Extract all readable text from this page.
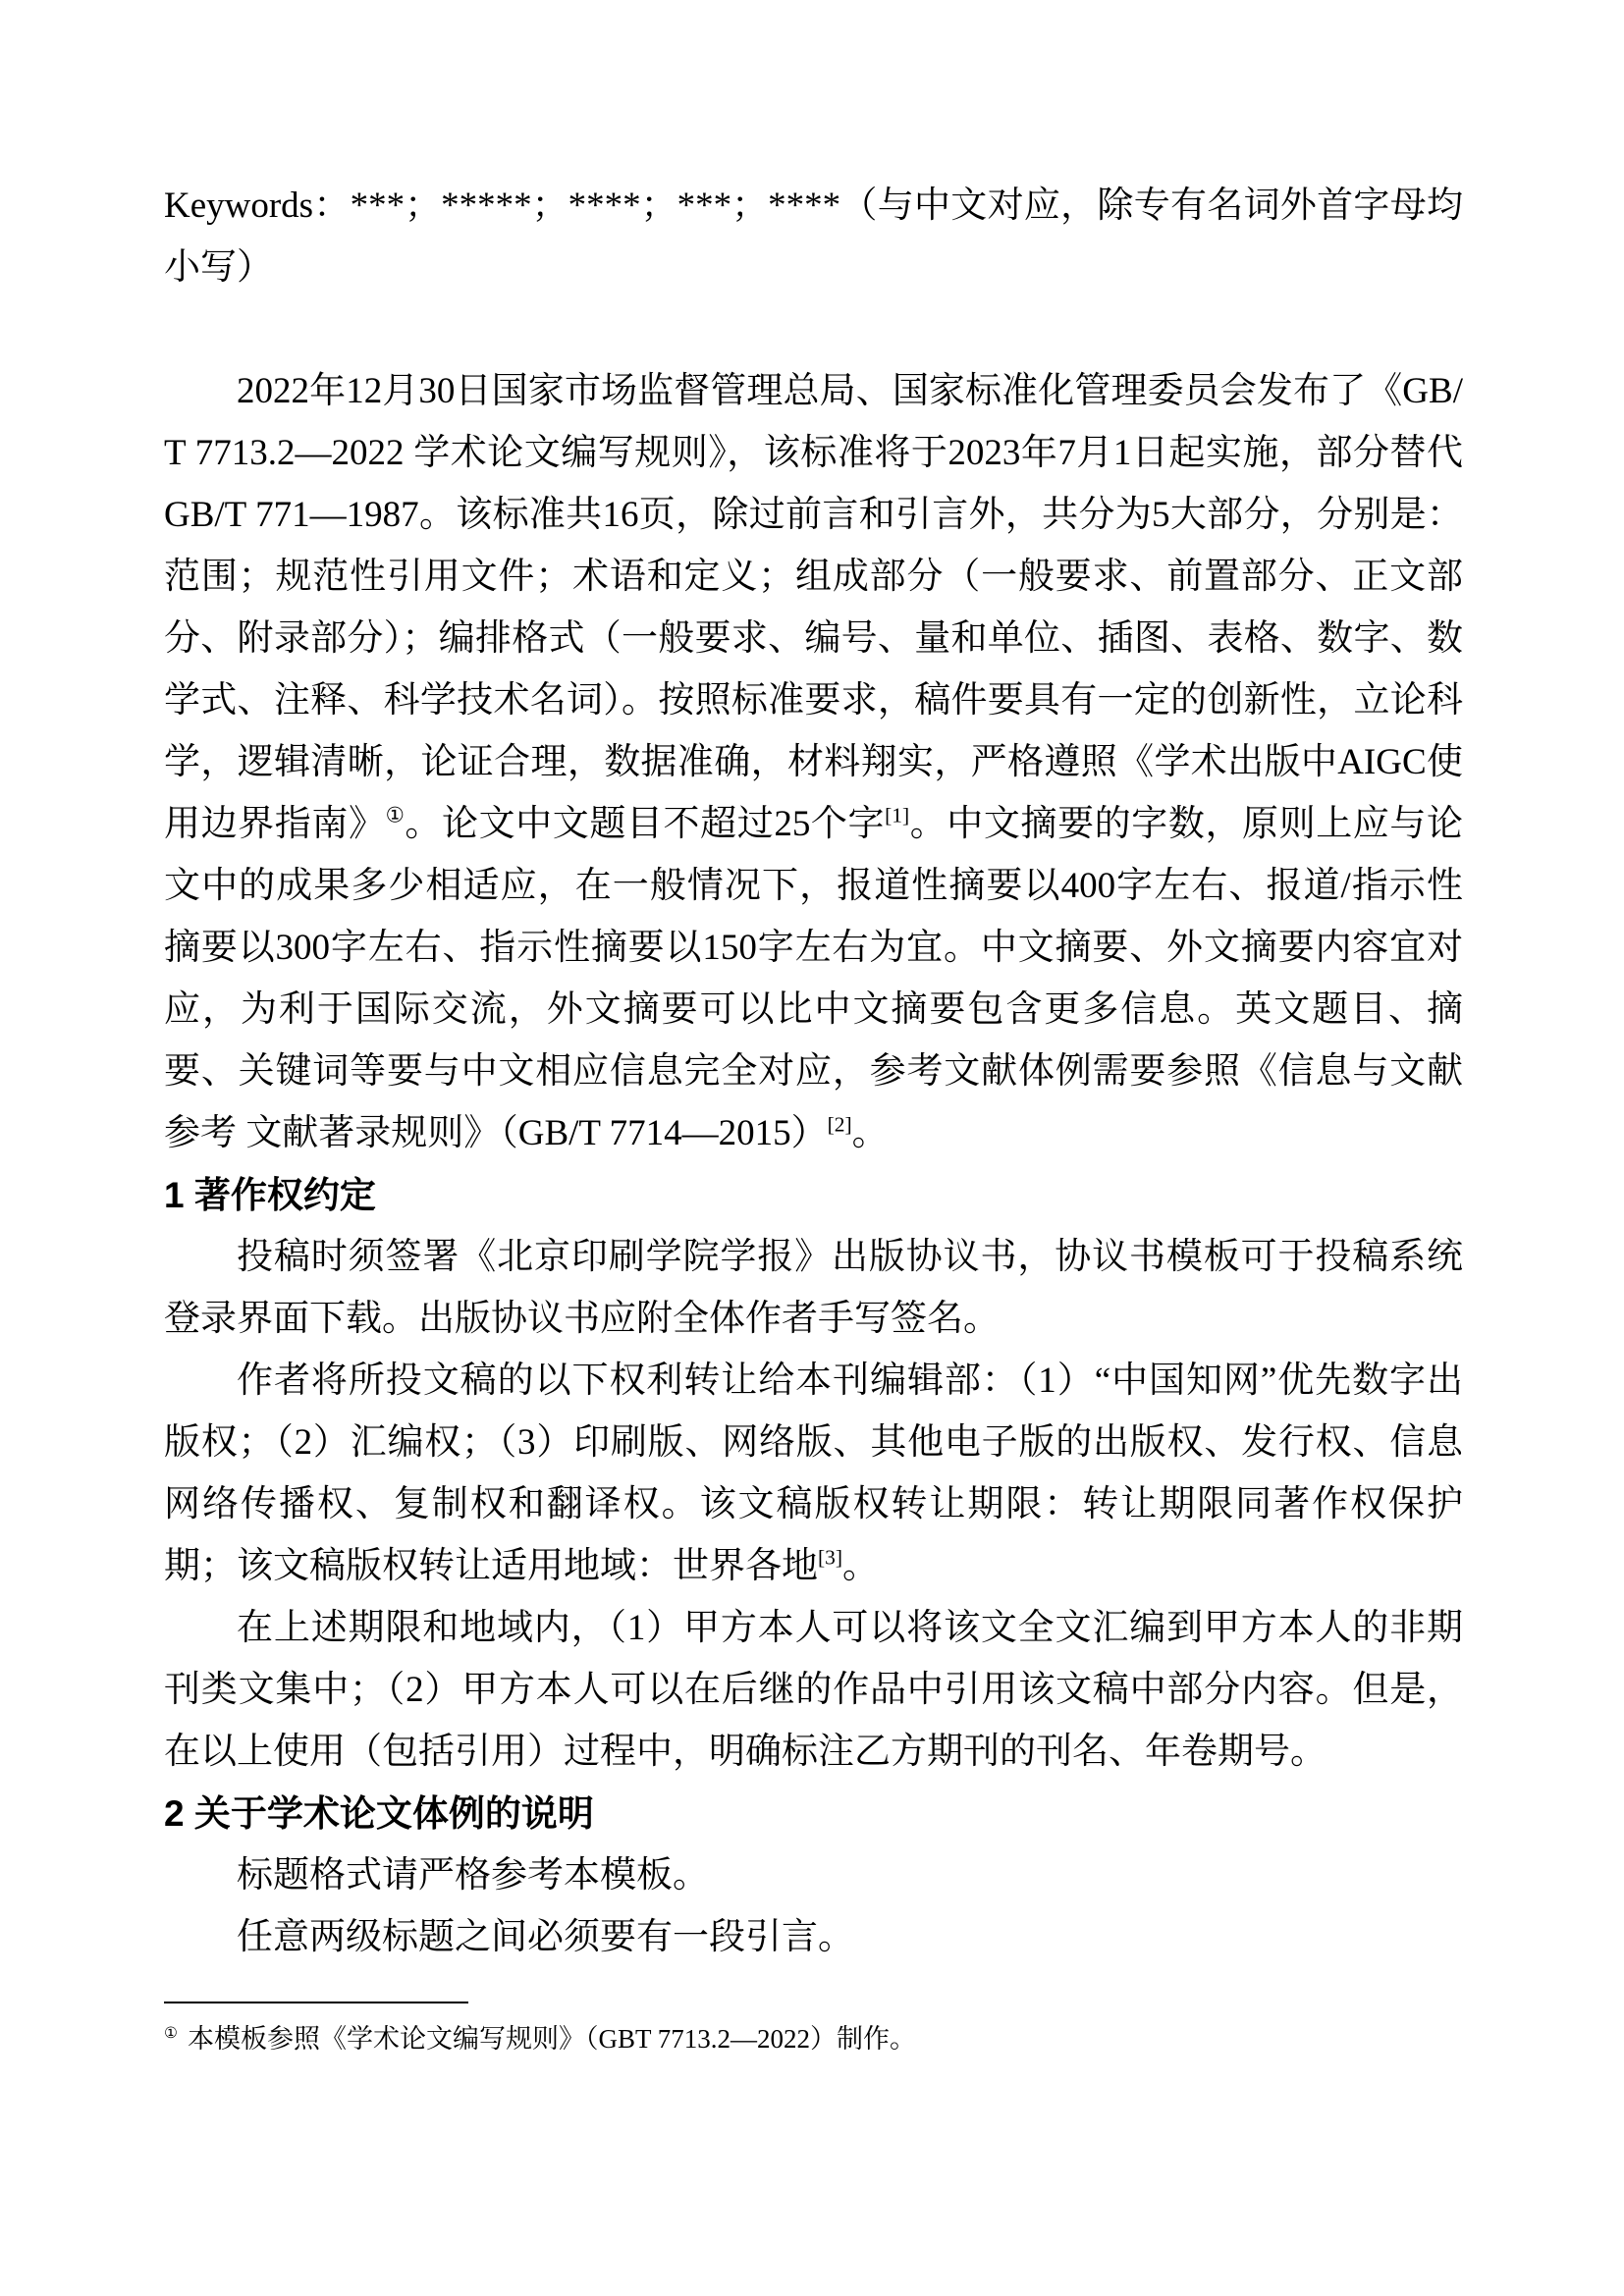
Keywords：***；*****；****；***；****（与中文对应，除专有名词外首字母均小写）

2022年12月30日国家市场监督管理总局、国家标准化管理委员会发布了《GB/T 7713.2—2022 学术论文编写规则》，该标准将于2023年7月1日起实施，部分替代GB/T 771—1987。该标准共16页，除过前言和引言外，共分为5大部分，分别是：范围；规范性引用文件；术语和定义；组成部分（一般要求、前置部分、正文部分、附录部分）；编排格式（一般要求、编号、量和单位、插图、表格、数字、数学式、注释、科学技术名词）。按照标准要求，稿件要具有一定的创新性，立论科学，逻辑清晰，论证合理，数据准确，材料翔实，严格遵照《学术出版中AIGC使用边界指南》①。论文中文题目不超过25个字[1]。中文摘要的字数，原则上应与论文中的成果多少相适应，在一般情况下，报道性摘要以400字左右、报道/指示性摘要以300字左右、指示性摘要以150字左右为宜。中文摘要、外文摘要内容宜对应，为利于国际交流，外文摘要可以比中文摘要包含更多信息。英文题目、摘要、关键词等要与中文相应信息完全对应，参考文献体例需要参照《信息与文献 参考 文献著录规则》（GB/T 7714—2015）[2]。

1 著作权约定

投稿时须签署《北京印刷学院学报》出版协议书，协议书模板可于投稿系统登录界面下载。出版协议书应附全体作者手写签名。

作者将所投文稿的以下权利转让给本刊编辑部：（1）“中国知网”优先数字出版权；（2）汇编权；（3）印刷版、网络版、其他电子版的出版权、发行权、信息网络传播权、复制权和翻译权。该文稿版权转让期限：转让期限同著作权保护期；该文稿版权转让适用地域：世界各地[3]。

在上述期限和地域内，（1）甲方本人可以将该文全文汇编到甲方本人的非期刊类文集中；（2）甲方本人可以在后继的作品中引用该文稿中部分内容。但是，在以上使用（包括引用）过程中，明确标注乙方期刊的刊名、年卷期号。

2 关于学术论文体例的说明

标题格式请严格参考本模板。

任意两级标题之间必须要有一段引言。

① 本模板参照《学术论文编写规则》（GBT 7713.2—2022）制作。
